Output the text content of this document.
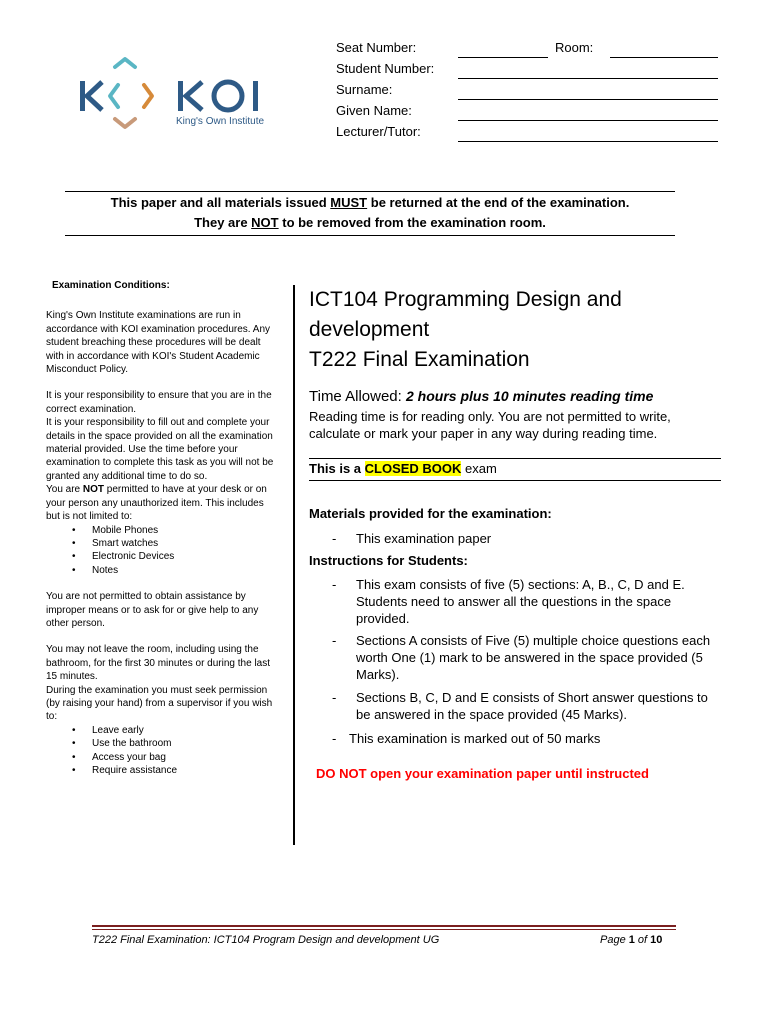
King's Own Institute
Seat Number:	Room:
Student Number:
Surname:
Given Name:
Lecturer/Tutor:
This paper and all materials issued MUST be returned at the end of the examination.
They are NOT to be removed from the examination room.
Examination Conditions:

King's Own Institute examinations are run in accordance with KOI examination procedures. Any student breaching these procedures will be dealt with in accordance with KOI's Student Academic Misconduct Policy.

It is your responsibility to ensure that you are in the correct examination.

It is your responsibility to fill out and complete your details in the space provided on all the examination material provided. Use the time before your examination to complete this task as you will not be granted any additional time to do so.

You are NOT permitted to have at your desk or on your person any unauthorized item. This includes but is not limited to:

• Mobile Phones
• Smart watches
• Electronic Devices
• Notes

You are not permitted to obtain assistance by improper means or to ask for or give help to any other person.

You may not leave the room, including using the bathroom, for the first 30 minutes or during the last 15 minutes.

During the examination you must seek permission (by raising your hand) from a supervisor if you wish to:

• Leave early
• Use the bathroom
• Access your bag
• Require assistance
ICT104 Programming Design and
development
T222 Final Examination
Time Allowed: 2 hours plus 10 minutes reading time
Reading time is for reading only. You are not permitted to write, calculate or mark your paper in any way during reading time.
This is a CLOSED BOOK exam
Materials provided for the examination:
- This examination paper
Instructions for Students:
- This exam consists of five (5) sections: A, B., C, D and E. Students need to answer all the questions in the space provided.
- Sections A consists of Five (5) multiple choice questions each worth One (1) mark to be answered in the space provided (5 Marks).
- Sections B, C, D and E consists of Short answer questions to be answered in the space provided (45 Marks).
- This examination is marked out of 50 marks
DO NOT open your examination paper until instructed
T222 Final Examination: ICT104 Program Design and development UG	Page 1 of 10
